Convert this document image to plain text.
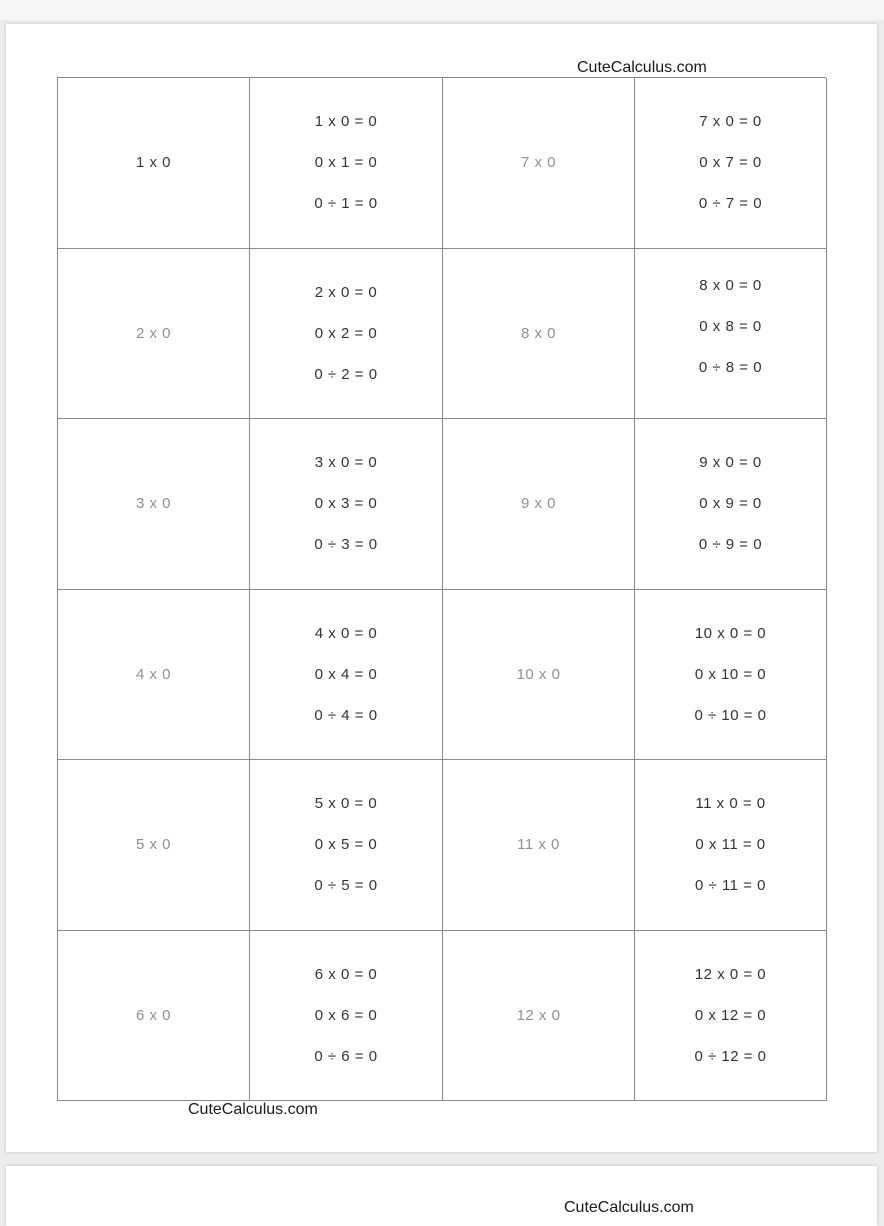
CuteCalculus.com
1 x 0
1 x 0 = 0
0 x 1 = 0
0 ÷ 1 = 0
7 x 0
7 x 0 = 0
0 x 7 = 0
0 ÷ 7 = 0
2 x 0
2 x 0 = 0
0 x 2 = 0
0 ÷ 2 = 0
8 x 0
8 x 0 = 0
0 x 8 = 0
0 ÷ 8 = 0
3 x 0
3 x 0 = 0
0 x 3 = 0
0 ÷ 3 = 0
9 x 0
9 x 0 = 0
0 x 9 = 0
0 ÷ 9 = 0
4 x 0
4 x 0 = 0
0 x 4 = 0
0 ÷ 4 = 0
10 x 0
10 x 0 = 0
0 x 10 = 0
0 ÷ 10 = 0
5 x 0
5 x 0 = 0
0 x 5 = 0
0 ÷ 5 = 0
11 x 0
11 x 0 = 0
0 x 11 = 0
0 ÷ 11 = 0
6 x 0
6 x 0 = 0
0 x 6 = 0
0 ÷ 6 = 0
12 x 0
12 x 0 = 0
0 x 12 = 0
0 ÷ 12 = 0
CuteCalculus.com
CuteCalculus.com
